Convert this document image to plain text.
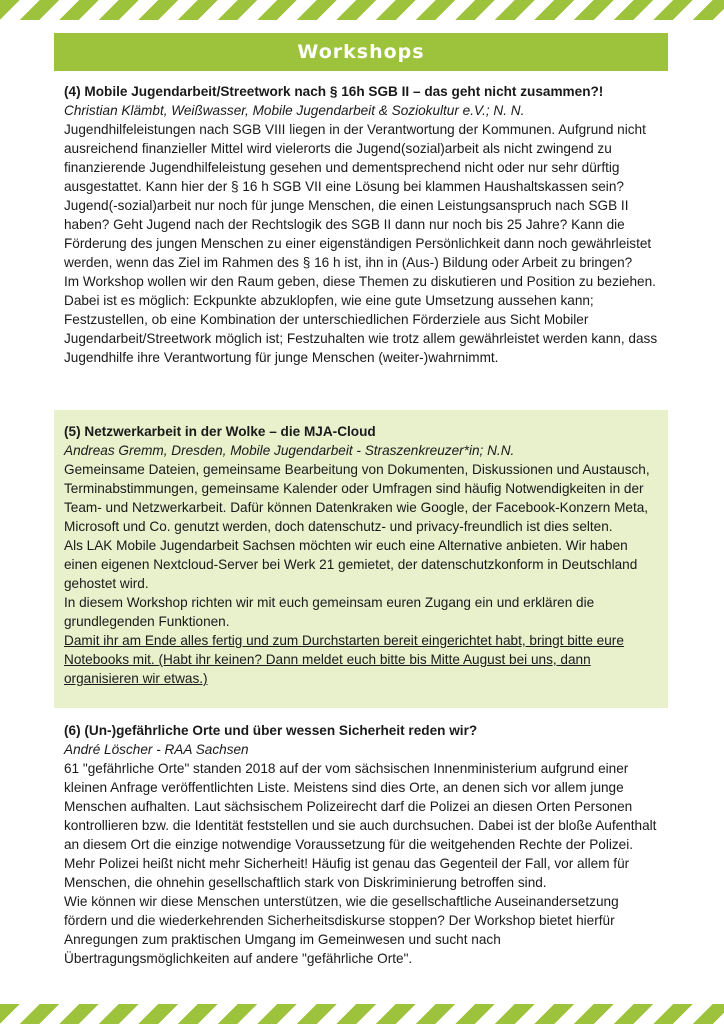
Workshops
(4) Mobile Jugendarbeit/Streetwork nach § 16h SGB II – das geht nicht zusammen?!
Christian Klämbt, Weißwasser, Mobile Jugendarbeit & Soziokultur e.V.; N. N.

Jugendhilfeleistungen nach SGB VIII liegen in der Verantwortung der Kommunen. Aufgrund nicht ausreichend finanzieller Mittel wird vielerorts die Jugend(sozial)arbeit als nicht zwingend zu finanzierende Jugendhilfeleistung gesehen und dementsprechend nicht oder nur sehr dürftig ausgestattet. Kann hier der § 16 h SGB VII eine Lösung bei klammen Haushaltskassen sein?

Jugend(-sozial)arbeit nur noch für junge Menschen, die einen Leistungsanspruch nach SGB II haben? Geht Jugend nach der Rechtslogik des SGB II dann nur noch bis 25 Jahre? Kann die Förderung des jungen Menschen zu einer eigenständigen Persönlichkeit dann noch gewährleistet werden, wenn das Ziel im Rahmen des § 16 h ist, ihn in (Aus-) Bildung oder Arbeit zu bringen?

Im Workshop wollen wir den Raum geben, diese Themen zu diskutieren und Position zu beziehen. Dabei ist es möglich: Eckpunkte abzuklopfen, wie eine gute Umsetzung aussehen kann; Festzustellen, ob eine Kombination der unterschiedlichen Förderziele aus Sicht Mobiler Jugendarbeit/Streetwork möglich ist; Festzuhalten wie trotz allem gewährleistet werden kann, dass Jugendhilfe ihre Verantwortung für junge Menschen (weiter-)wahrnimmt.

(5) Netzwerkarbeit in der Wolke – die MJA-Cloud
Andreas Gremm, Dresden, Mobile Jugendarbeit - Straszenkreuzer*in; N.N.

Gemeinsame Dateien, gemeinsame Bearbeitung von Dokumenten, Diskussionen und Austausch, Terminabstimmungen, gemeinsame Kalender oder Umfragen sind häufig Notwendigkeiten in der Team- und Netzwerkarbeit. Dafür können Datenkraken wie Google, der Facebook-Konzern Meta, Microsoft und Co. genutzt werden, doch datenschutz- und privacy-freundlich ist dies selten.

Als LAK Mobile Jugendarbeit Sachsen möchten wir euch eine Alternative anbieten. Wir haben einen eigenen Nextcloud-Server bei Werk 21 gemietet, der datenschutzkonform in Deutschland gehostet wird.

In diesem Workshop richten wir mit euch gemeinsam euren Zugang ein und erklären die grundlegenden Funktionen.

Damit ihr am Ende alles fertig und zum Durchstarten bereit eingerichtet habt, bringt bitte eure Notebooks mit. (Habt ihr keinen? Dann meldet euch bitte bis Mitte August bei uns, dann organisieren wir etwas.)

(6) (Un-)gefährliche Orte und über wessen Sicherheit reden wir?
André Löscher - RAA Sachsen

61 "gefährliche Orte" standen 2018 auf der vom sächsischen Innenministerium aufgrund einer kleinen Anfrage veröffentlichten Liste. Meistens sind dies Orte, an denen sich vor allem junge Menschen aufhalten. Laut sächsischem Polizeirecht darf die Polizei an diesen Orten Personen kontrollieren bzw. die Identität feststellen und sie auch durchsuchen. Dabei ist der bloße Aufenthalt an diesem Ort die einzige notwendige Voraussetzung für die weitgehenden Rechte der Polizei.

Mehr Polizei heißt nicht mehr Sicherheit! Häufig ist genau das Gegenteil der Fall, vor allem für Menschen, die ohnehin gesellschaftlich stark von Diskriminierung betroffen sind.

Wie können wir diese Menschen unterstützen, wie die gesellschaftliche Auseinandersetzung fördern und die wiederkehrenden Sicherheitsdiskurse stoppen? Der Workshop bietet hierfür Anregungen zum praktischen Umgang im Gemeinwesen und sucht nach Übertragungsmöglichkeiten auf andere "gefährliche Orte".
